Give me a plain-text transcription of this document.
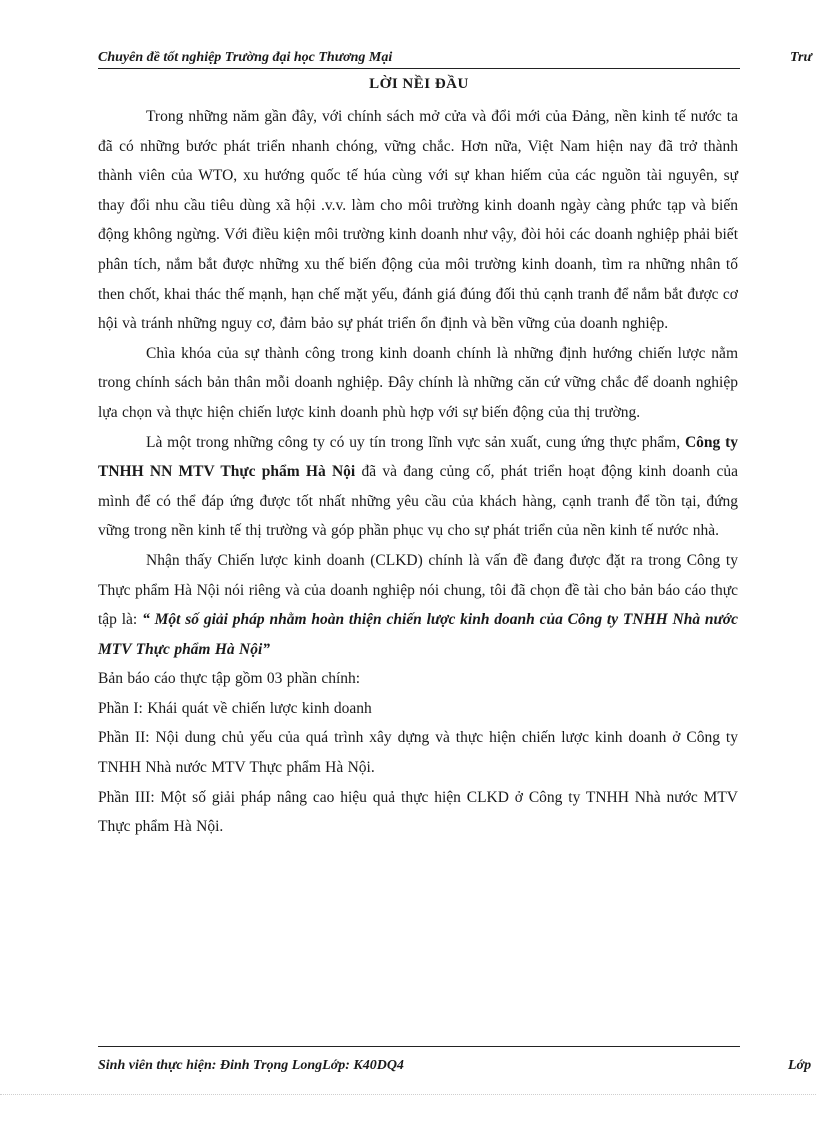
Chuyên đề tốt nghiệp Trường đại học Thương Mại	Trư
LỜI NỀI ĐẦU

Trong những năm gần đây, với chính sách mở cửa và đổi mới của Đảng, nền kinh tế nước ta đã có những bước phát triển nhanh chóng, vững chắc. Hơn nữa, Việt Nam hiện nay đã trở thành thành viên của WTO, xu hướng quốc tế húa cùng với sự khan hiếm của các nguồn tài nguyên, sự thay đổi nhu cầu tiêu dùng xã hội .v.v. làm cho môi trường kinh doanh ngày càng phức tạp và biến động không ngừng. Với điều kiện môi trường kinh doanh như vậy, đòi hỏi các doanh nghiệp phải biết phân tích, nắm bắt được những xu thế biến động của môi trường kinh doanh, tìm ra những nhân tố then chốt, khai thác thế mạnh, hạn chế mặt yếu, đánh giá đúng đối thủ cạnh tranh để nắm bắt được cơ hội và tránh những nguy cơ, đảm bảo sự phát triển ổn định và bền vững của doanh nghiệp.

Chìa khóa của sự thành công trong kinh doanh chính là những định hướng chiến lược nằm trong chính sách bản thân mỗi doanh nghiệp. Đây chính là những căn cứ vững chắc để doanh nghiệp lựa chọn và thực hiện chiến lược kinh doanh phù hợp với sự biến động của thị trường.

Là một trong những công ty có uy tín trong lĩnh vực sản xuất, cung ứng thực phẩm, Công ty TNHH NN MTV Thực phẩm Hà Nội đã và đang củng cố, phát triển hoạt động kinh doanh của mình để có thể đáp ứng được tốt nhất những yêu cầu của khách hàng, cạnh tranh để tồn tại, đứng vững trong nền kinh tế thị trường và góp phần phục vụ cho sự phát triển của nền kinh tế nước nhà.

Nhận thấy Chiến lược kinh doanh (CLKD) chính là vấn đề đang được đặt ra trong Công ty Thực phẩm Hà Nội nói riêng và của doanh nghiệp nói chung, tôi đã chọn đề tài cho bản báo cáo thực tập là: “ Một số giải pháp nhằm hoàn thiện chiến lược kinh doanh của Công ty TNHH Nhà nước MTV Thực phẩm Hà Nội”

Bản báo cáo thực tập gồm 03 phần chính:

Phần I: Khái quát về chiến lược kinh doanh

Phần II: Nội dung chủ yếu của quá trình xây dựng và thực hiện chiến lược kinh doanh ở Công ty TNHH Nhà nước MTV Thực phẩm Hà Nội.

Phần III: Một số giải pháp nâng cao hiệu quả thực hiện CLKD ở Công ty TNHH Nhà nước MTV Thực phẩm Hà Nội.

Sinh viên thực hiện: Đinh Trọng LongLớp: K40DQ4	Lớp
